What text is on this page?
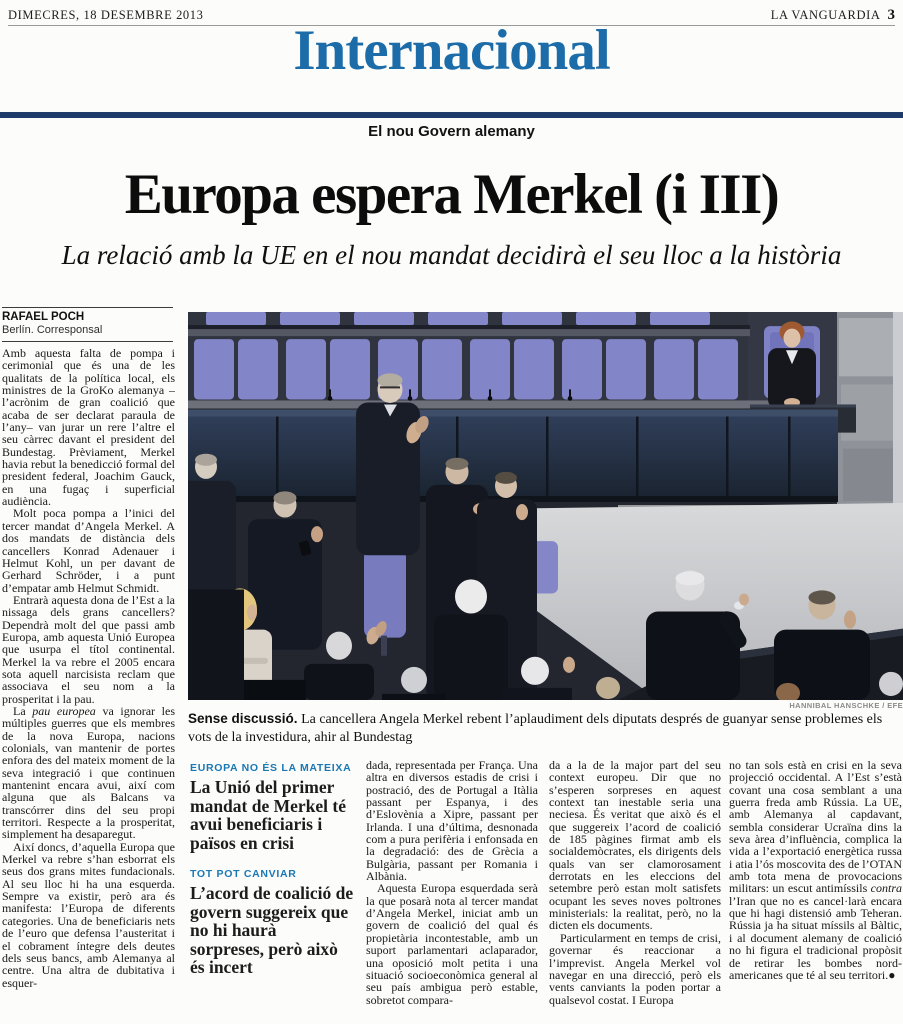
DIMECRES, 18 DESEMBRE 2013	LA VANGUARDIA 3
Internacional
El nou Govern alemany
Europa espera Merkel (i III)
La relació amb la UE en el nou mandat decidirà el seu lloc a la història
RAFAEL POCH
Berlín. Corresponsal
HANNIBAL HANSCHKE / EFE
Sense discussió. La cancellera Angela Merkel rebent l’aplaudiment dels diputats després de guanyar sense problemes els vots de la investidura, ahir al Bundestag

Amb aquesta falta de pompa i cerimonial que és una de les qualitats de la política local, els ministres de la GroKo alemanya –l’acrònim de gran coalició que acaba de ser declarat paraula de l’any– van jurar un rere l’altre el seu càrrec davant el president del Bundestag. Prèviament, Merkel havia rebut la benedicció formal del president federal, Joachim Gauck, en una fugaç i superficial audiència.

Molt poca pompa a l’inici del tercer mandat d’Angela Merkel. A dos mandats de distància dels cancellers Konrad Adenauer i Helmut Kohl, un per davant de Gerhard Schröder, i a punt d’empatar amb Helmut Schmidt.

Entrarà aquesta dona de l’Est a la nissaga dels grans cancellers? Dependrà molt del que passi amb Europa, amb aquesta Unió Europea que usurpa el títol continental. Merkel la va rebre el 2005 encara sota aquell narcisista reclam que associava el seu nom a la prosperitat i la pau.

La pau europea va ignorar les múltiples guerres que els membres de la nova Europa, nacions colonials, van mantenir de portes enfora des del mateix moment de la seva integració i que continuen mantenint encara avui, així com alguna que als Balcans va transcórrer dins del seu propi territori. Respecte a la prosperitat, simplement ha desaparegut.

Així doncs, d’aquella Europa que Merkel va rebre s’han esborrat els seus dos grans mites fundacionals. Al seu lloc hi ha una esquerda. Sempre va existir, però ara és manifesta: l’Europa de diferents categories. Una de beneficiaris nets de l’euro que defensa l’austeritat i el cobrament íntegre dels deutes dels seus bancs, amb Alemanya al centre. Una altra de dubitativa i esquer-

EUROPA NO ÉS LA MATEIXA
La Unió del primer mandat de Merkel té avui beneficiaris i països en crisi
TOT POT CANVIAR
L’acord de coalició de govern suggereix que no hi haurà sorpreses, però això és incert

dada, representada per França. Una altra en diversos estadis de crisi i postració, des de Portugal a Itàlia passant per Espanya, i des d’Eslovènia a Xipre, passant per Irlanda. I una d’última, desnonada com a pura perifèria i enfonsada en la degradació: des de Grècia a Bulgària, passant per Romania i Albània.

Aquesta Europa esquerdada serà la que posarà nota al tercer mandat d’Angela Merkel, iniciat amb un govern de coalició del qual és propietària incontestable, amb un suport parlamentari aclaparador, una oposició molt petita i una situació socioeconòmica general al seu país ambigua però estable, sobretot compara-

da a la de la major part del seu context europeu. Dir que no s’esperen sorpreses en aquest context tan inestable seria una neciesa. És veritat que això és el que suggereix l’acord de coalició de 185 pàgines firmat amb els socialdemòcrates, els dirigents dels quals van ser clamorosament derrotats en les eleccions del setembre però estan molt satisfets ocupant les seves noves poltrones ministerials: la realitat, però, no la dicten els documents.

Particularment en temps de crisi, governar és reaccionar a l’imprevist. Angela Merkel vol navegar en una direcció, però els vents canviants la poden portar a qualsevol costat. I Europa

no tan sols està en crisi en la seva projecció occidental. A l’Est s’està covant una cosa semblant a una guerra freda amb Rússia. La UE, amb Alemanya al capdavant, sembla considerar Ucraïna dins la seva àrea d’influència, complica la vida a l’exportació energètica russa i atia l’ós moscovita des de l’OTAN amb tota mena de provocacions militars: un escut antimíssils contra l’Iran que no es cancel·larà encara que hi hagi distensió amb Teheran. Rússia ja ha situat míssils al Bàltic, i al document alemany de coalició no hi figura el tradicional propòsit de retirar les bombes nord-americanes que té al seu territori.●
